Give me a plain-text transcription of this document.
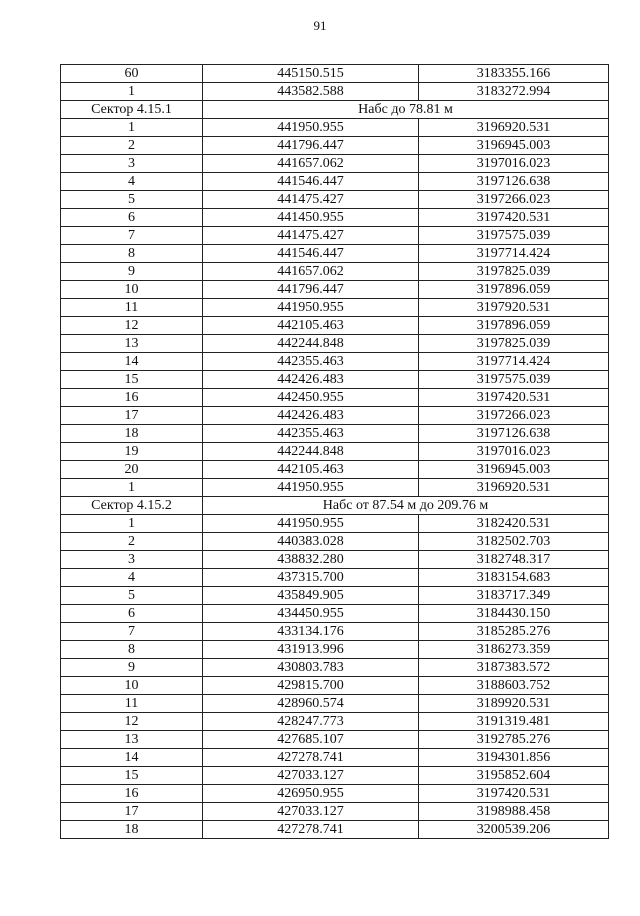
91
60	445150.515	3183355.166
1	443582.588	3183272.994
Сектор 4.15.1	Набс до 78.81 м	
1	441950.955	3196920.531
2	441796.447	3196945.003
3	441657.062	3197016.023
4	441546.447	3197126.638
5	441475.427	3197266.023
6	441450.955	3197420.531
7	441475.427	3197575.039
8	441546.447	3197714.424
9	441657.062	3197825.039
10	441796.447	3197896.059
11	441950.955	3197920.531
12	442105.463	3197896.059
13	442244.848	3197825.039
14	442355.463	3197714.424
15	442426.483	3197575.039
16	442450.955	3197420.531
17	442426.483	3197266.023
18	442355.463	3197126.638
19	442244.848	3197016.023
20	442105.463	3196945.003
1	441950.955	3196920.531
Сектор 4.15.2	Набс от 87.54 м до 209.76 м	
1	441950.955	3182420.531
2	440383.028	3182502.703
3	438832.280	3182748.317
4	437315.700	3183154.683
5	435849.905	3183717.349
6	434450.955	3184430.150
7	433134.176	3185285.276
8	431913.996	3186273.359
9	430803.783	3187383.572
10	429815.700	3188603.752
11	428960.574	3189920.531
12	428247.773	3191319.481
13	427685.107	3192785.276
14	427278.741	3194301.856
15	427033.127	3195852.604
16	426950.955	3197420.531
17	427033.127	3198988.458
18	427278.741	3200539.206
